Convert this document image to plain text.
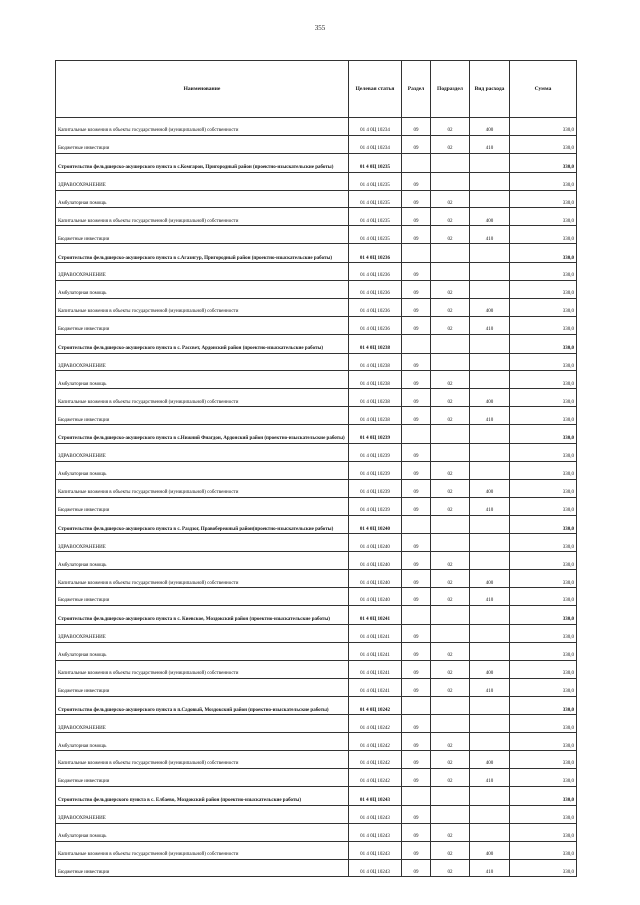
355
Наименование	Целевая статья	Раздел	Подраздел	Вид расхода	Сумма
Капитальные вложения в объекты государственной (муниципальной) собственности	01 4 0Ц 10234	09	02	400	330,0
Бюджетные инвестиции	01 4 0Ц 10234	09	02	410	330,0
Строительство фельдшерско-акушерского пункта в с.Комгарон, Пригородный район (проектно-изыскательские работы)	01 4 0Ц 10235				330,0
ЗДРАВООХРАНЕНИЕ	01 4 0Ц 10235	09			330,0
Амбулаторная помощь	01 4 0Ц 10235	09	02		330,0
Капитальные вложения в объекты государственной (муниципальной) собственности	01 4 0Ц 10235	09	02	400	330,0
Бюджетные инвестиции	01 4 0Ц 10235	09	02	410	330,0
Строительство фельдшерско-акушерского пункта в с.Агазнгур, Пригородный район (проектно-изыскательские работы)	01 4 0Ц 10236				330,0
ЗДРАВООХРАНЕНИЕ	01 4 0Ц 10236	09			330,0
Амбулаторная помощь	01 4 0Ц 10236	09	02		330,0
Капитальные вложения в объекты государственной (муниципальной) собственности	01 4 0Ц 10236	09	02	400	330,0
Бюджетные инвестиции	01 4 0Ц 10236	09	02	410	330,0
Строительство фельдшерско-акушерского пункта в с. Рассвет, Ардонский район (проектно-изыскательские работы)	01 4 0Ц 10238				330,0
ЗДРАВООХРАНЕНИЕ	01 4 0Ц 10238	09			330,0
Амбулаторная помощь	01 4 0Ц 10238	09	02		330,0
Капитальные вложения в объекты государственной (муниципальной) собственности	01 4 0Ц 10238	09	02	400	330,0
Бюджетные инвестиции	01 4 0Ц 10238	09	02	410	330,0
Строительство фельдшерско-акушерского пункта в с.Нижний Фиагдон, Ардонский район (проектно-изыскательские работы)	01 4 0Ц 10239				330,0
ЗДРАВООХРАНЕНИЕ	01 4 0Ц 10239	09			330,0
Амбулаторная помощь	01 4 0Ц 10239	09	02		330,0
Капитальные вложения в объекты государственной (муниципальной) собственности	01 4 0Ц 10239	09	02	400	330,0
Бюджетные инвестиции	01 4 0Ц 10239	09	02	410	330,0
Строительство фельдшерско-акушерского пункта в с. Раздзог, Правобережный район(проектно-изыскательские работы)	01 4 0Ц 10240				330,0
ЗДРАВООХРАНЕНИЕ	01 4 0Ц 10240	09			330,0
Амбулаторная помощь	01 4 0Ц 10240	09	02		330,0
Капитальные вложения в объекты государственной (муниципальной) собственности	01 4 0Ц 10240	09	02	400	330,0
Бюджетные инвестиции	01 4 0Ц 10240	09	02	410	330,0
Строительство фельдшерско-акушерского пункта в с. Киевское, Моздокский район (проектно-изыскательские работы)	01 4 0Ц 10241				330,0
ЗДРАВООХРАНЕНИЕ	01 4 0Ц 10241	09			330,0
Амбулаторная помощь	01 4 0Ц 10241	09	02		330,0
Капитальные вложения в объекты государственной (муниципальной) собственности	01 4 0Ц 10241	09	02	400	330,0
Бюджетные инвестиции	01 4 0Ц 10241	09	02	410	330,0
Строительство фельдшерско-акушерского пункта в п.Садовый, Моздокский район (проектно-изыскательские работы)	01 4 0Ц 10242				330,0
ЗДРАВООХРАНЕНИЕ	01 4 0Ц 10242	09			330,0
Амбулаторная помощь	01 4 0Ц 10242	09	02		330,0
Капитальные вложения в объекты государственной (муниципальной) собственности	01 4 0Ц 10242	09	02	400	330,0
Бюджетные инвестиции	01 4 0Ц 10242	09	02	410	330,0
Строительство фельдшерского пункта в с. Елбаево, Моздокский район (проектно-изыскательские работы)	01 4 0Ц 10243				330,0
ЗДРАВООХРАНЕНИЕ	01 4 0Ц 10243	09			330,0
Амбулаторная помощь	01 4 0Ц 10243	09	02		330,0
Капитальные вложения в объекты государственной (муниципальной) собственности	01 4 0Ц 10243	09	02	400	330,0
Бюджетные инвестиции	01 4 0Ц 10243	09	02	410	330,0
